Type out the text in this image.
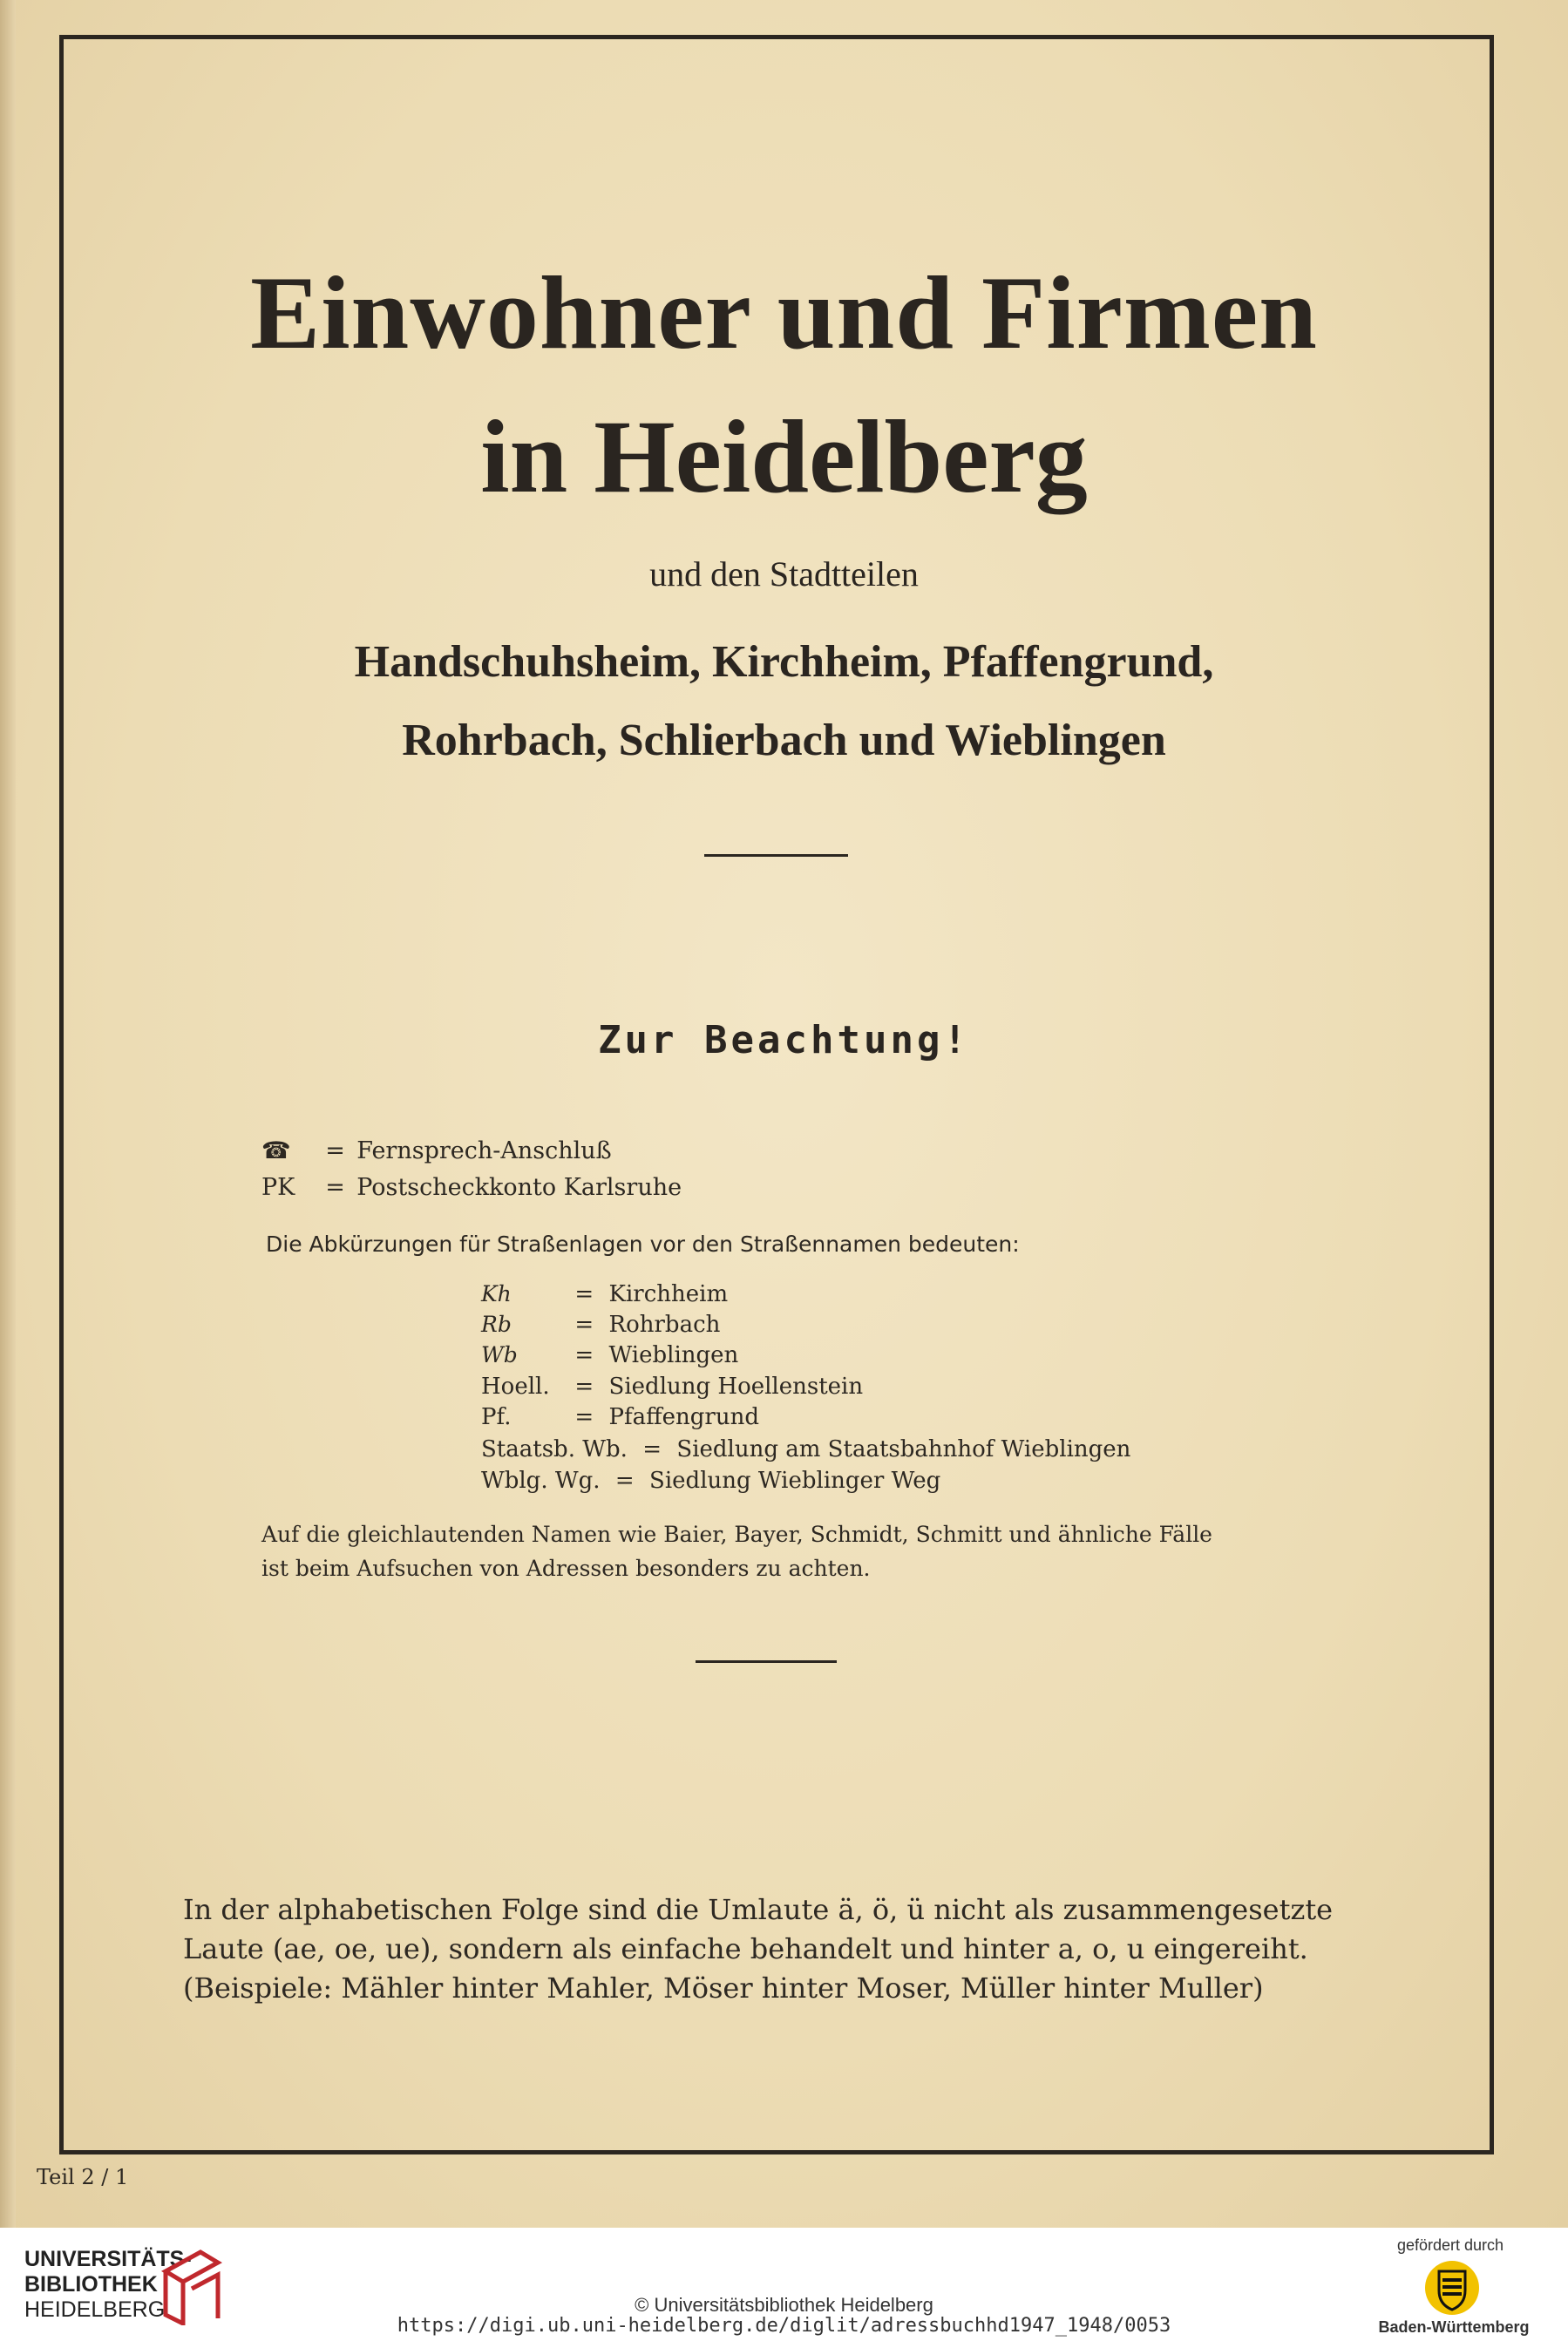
Einwohner und Firmen
in Heidelberg
und den Stadtteilen
Handschuhsheim, Kirchheim, Pfaffengrund,
Rohrbach, Schlierbach und Wieblingen
Zur Beachtung!
☎ = Fernsprech-Anschluß
PK = Postscheckkonto Karlsruhe
Die Abkürzungen für Straßenlagen vor den Straßennamen bedeuten:
Kh	= Kirchheim
Rb	= Rohrbach
Wb	= Wieblingen
Hoell. = Siedlung Hoellenstein
Pf.	= Pfaffengrund
Staatsb. Wb. = Siedlung am Staatsbahnhof Wieblingen
Wblg. Wg. = Siedlung Wieblinger Weg
Auf die gleichlautenden Namen wie Baier, Bayer, Schmidt, Schmitt und ähnliche Fälle
ist beim Aufsuchen von Adressen besonders zu achten.
In der alphabetischen Folge sind die Umlaute ä, ö, ü nicht als zusammengesetzte
Laute (ae, oe, ue), sondern als einfache behandelt und hinter a, o, u eingereiht.
(Beispiele: Mähler hinter Mahler, Möser hinter Moser, Müller hinter Muller)
Teil 2 / 1
UNIVERSITÄTS-
BIBLIOTHEK
HEIDELBERG	© Universitätsbibliothek Heidelberg
https://digi.ub.uni-heidelberg.de/diglit/adressbuchhd1947_1948/0053
gefördert durch
Baden-Württemberg
